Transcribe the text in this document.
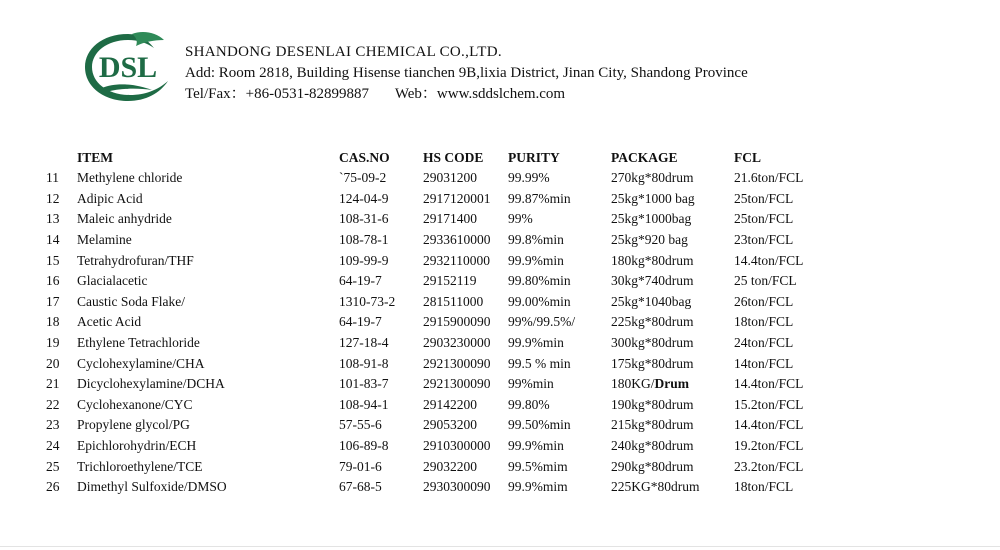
DSL SHANDONG DESENLAI CHEMICAL CO.,LTD.
Add: Room 2818, Building Hisense tianchen 9B,lixia District, Jinan City, Shandong Province
Tel/Fax：+86-0531-82899887 Web：www.sddslchem.com
	ITEM	CAS.NO	HS CODE	PURITY	PACKAGE	FCL
11	Methylene chloride	`75-09-2	29031200	99.99%	270kg*80drum	21.6ton/FCL
12	Adipic Acid	124-04-9	2917120001	99.87%min	25kg*1000 bag	25ton/FCL
13	Maleic anhydride	108-31-6	29171400	99%	25kg*1000bag	25ton/FCL
14	Melamine	108-78-1	2933610000	99.8%min	25kg*920 bag	23ton/FCL
15	Tetrahydrofuran/THF	109-99-9	2932110000	99.9%min	180kg*80drum	14.4ton/FCL
16	Glacialacetic	64-19-7	29152119	99.80%min	30kg*740drum	25 ton/FCL
17	Caustic Soda Flake/	1310-73-2	281511000	99.00%min	25kg*1040bag	26ton/FCL
18	Acetic Acid	64-19-7	2915900090	99%/99.5%/	225kg*80drum	18ton/FCL
19	Ethylene Tetrachloride	127-18-4	2903230000	99.9%min	300kg*80drum	24ton/FCL
20	Cyclohexylamine/CHA	108-91-8	2921300090	99.5 % min	175kg*80drum	14ton/FCL
21	Dicyclohexylamine/DCHA	101-83-7	2921300090	99%min	180KG/Drum	14.4ton/FCL
22	Cyclohexanone/CYC	108-94-1	29142200	99.80%	190kg*80drum	15.2ton/FCL
23	Propylene glycol/PG	57-55-6	29053200	99.50%min	215kg*80drum	14.4ton/FCL
24	Epichlorohydrin/ECH	106-89-8	2910300000	99.9%min	240kg*80drum	19.2ton/FCL
25	Trichloroethylene/TCE	79-01-6	29032200	99.5%mim	290kg*80drum	23.2ton/FCL
26	Dimethyl Sulfoxide/DMSO	67-68-5	2930300090	99.9%mim	225KG*80drum	18ton/FCL
